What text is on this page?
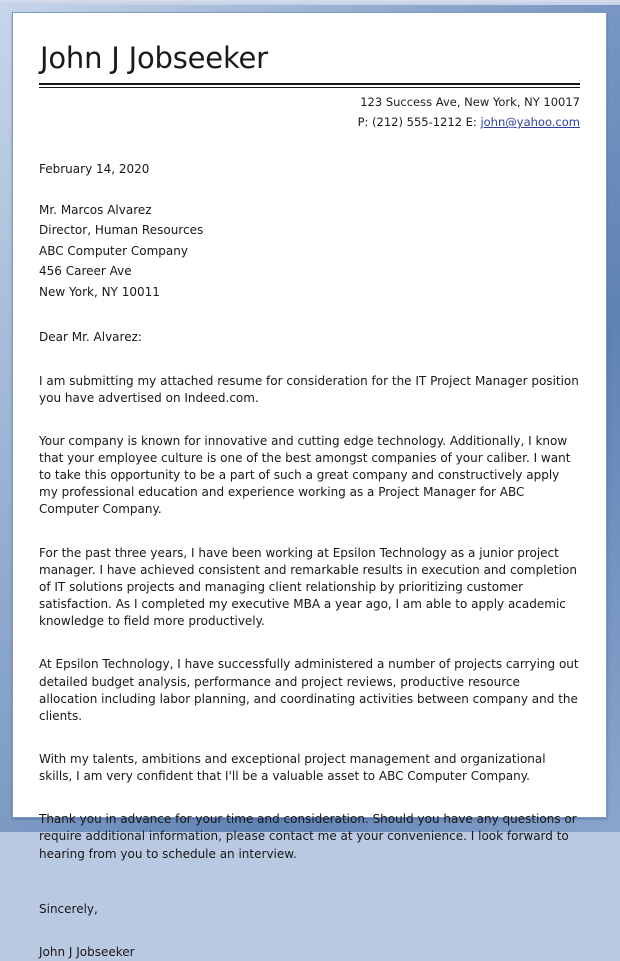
John J Jobseeker
123 Success Ave, New York, NY 10017
P: (212) 555-1212 E: john@yahoo.com
February 14, 2020
Mr. Marcos Alvarez
Director, Human Resources
ABC Computer Company
456 Career Ave
New York, NY 10011
Dear Mr. Alvarez:

I am submitting my attached resume for consideration for the IT Project Manager position you have advertised on Indeed.com.

Your company is known for innovative and cutting edge technology. Additionally, I know that your employee culture is one of the best amongst companies of your caliber. I want to take this opportunity to be a part of such a great company and constructively apply my professional education and experience working as a Project Manager for ABC Computer Company.

For the past three years, I have been working at Epsilon Technology as a junior project manager. I have achieved consistent and remarkable results in execution and completion of IT solutions projects and managing client relationship by prioritizing customer satisfaction. As I completed my executive MBA a year ago, I am able to apply academic knowledge to field more productively.

At Epsilon Technology, I have successfully administered a number of projects carrying out detailed budget analysis, performance and project reviews, productive resource allocation including labor planning, and coordinating activities between company and the clients.

With my talents, ambitions and exceptional project management and organizational skills, I am very confident that I'll be a valuable asset to ABC Computer Company.

Thank you in advance for your time and consideration. Should you have any questions or require additional information, please contact me at your convenience. I look forward to hearing from you to schedule an interview.

Sincerely,
John J Jobseeker
